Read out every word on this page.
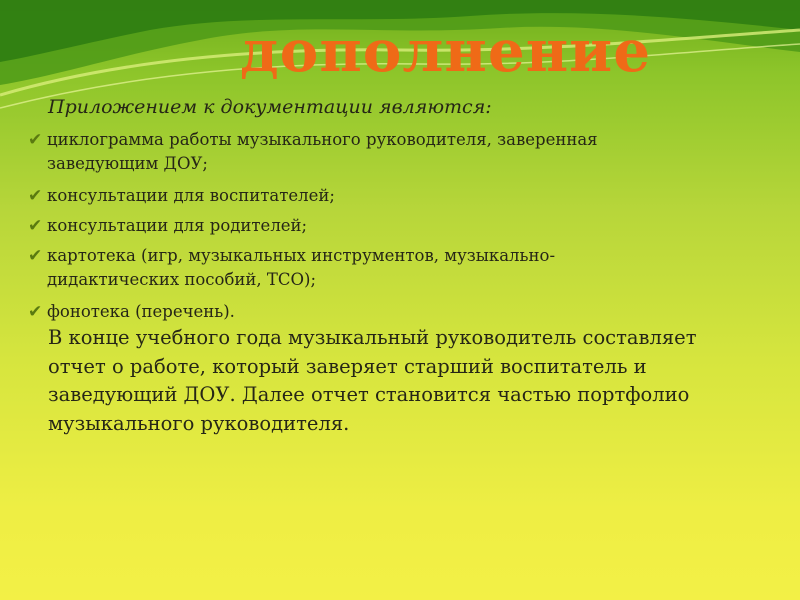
дополнение

Приложением к документации являются:

✔ циклограмма работы музыкального руководителя, заверенная заведующим ДОУ;
✔ консультации для воспитателей;
✔ консультации для родителей;
✔ картотека (игр, музыкальных инструментов, музыкально-дидактических пособий, ТСО);
✔ фонотека (перечень).

В конце учебного года музыкальный руководитель составляет отчет о работе, который заверяет старший воспитатель и заведующий ДОУ. Далее отчет становится частью портфолио музыкального руководителя.
